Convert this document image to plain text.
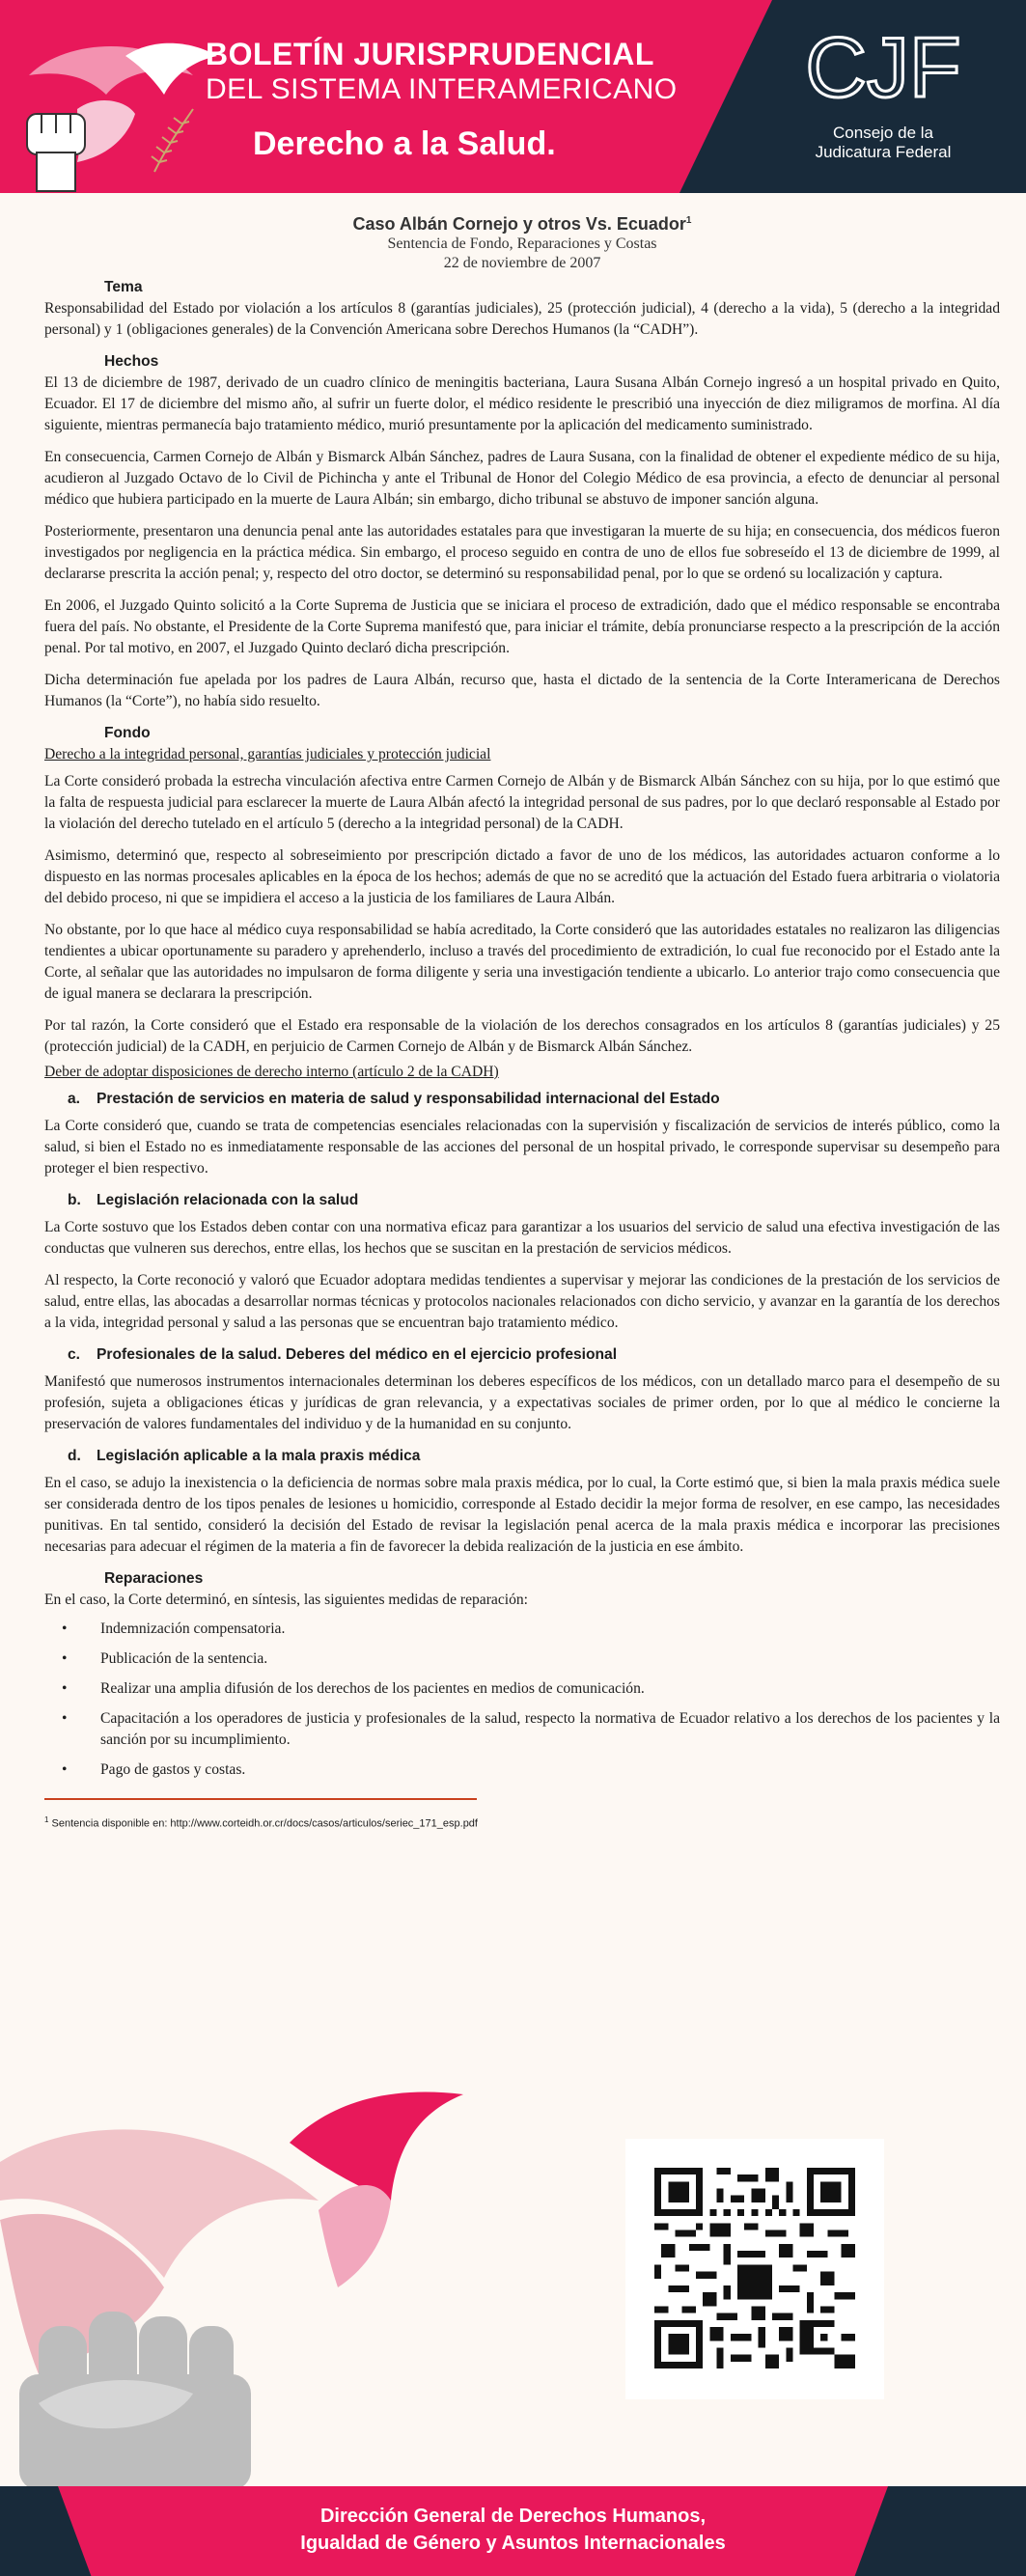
BOLETÍN JURISPRUDENCIAL
DEL SISTEMA INTERAMERICANO
Derecho a la Salud.
CJF
Consejo de la
Judicatura Federal
Caso Albán Cornejo y otros Vs. Ecuador$^1$
Sentencia de Fondo, Reparaciones y Costas
22 de noviembre de 2007
Tema

Responsabilidad del Estado por violación a los artículos 8 (garantías judiciales), 25 (protección judicial), 4 (derecho a la vida), 5 (derecho a la integridad personal) y 1 (obligaciones generales) de la Convención Americana sobre Derechos Humanos (la “CADH”).

Hechos

El 13 de diciembre de 1987, derivado de un cuadro clínico de meningitis bacteriana, Laura Susana Albán Cornejo ingresó a un hospital privado en Quito, Ecuador. El 17 de diciembre del mismo año, al sufrir un fuerte dolor, el médico residente le prescribió una inyección de diez miligramos de morfina. Al día siguiente, mientras permanecía bajo tratamiento médico, murió presuntamente por la aplicación del medicamento suministrado.

En consecuencia, Carmen Cornejo de Albán y Bismarck Albán Sánchez, padres de Laura Susana, con la finalidad de obtener el expediente médico de su hija, acudieron al Juzgado Octavo de lo Civil de Pichincha y ante el Tribunal de Honor del Colegio Médico de esa provincia, a efecto de denunciar al personal médico que hubiera participado en la muerte de Laura Albán; sin embargo, dicho tribunal se abstuvo de imponer sanción alguna.

Posteriormente, presentaron una denuncia penal ante las autoridades estatales para que investigaran la muerte de su hija; en consecuencia, dos médicos fueron investigados por negligencia en la práctica médica. Sin embargo, el proceso seguido en contra de uno de ellos fue sobreseído el 13 de diciembre de 1999, al declararse prescrita la acción penal; y, respecto del otro doctor, se determinó su responsabilidad penal, por lo que se ordenó su localización y captura.

En 2006, el Juzgado Quinto solicitó a la Corte Suprema de Justicia que se iniciara el proceso de extradición, dado que el médico responsable se encontraba fuera del país. No obstante, el Presidente de la Corte Suprema manifestó que, para iniciar el trámite, debía pronunciarse respecto a la prescripción de la acción penal. Por tal motivo, en 2007, el Juzgado Quinto declaró dicha prescripción.

Dicha determinación fue apelada por los padres de Laura Albán, recurso que, hasta el dictado de la sentencia de la Corte Interamericana de Derechos Humanos (la “Corte”), no había sido resuelto.

Fondo
Derecho a la integridad personal, garantías judiciales y protección judicial

La Corte consideró probada la estrecha vinculación afectiva entre Carmen Cornejo de Albán y de Bismarck Albán Sánchez con su hija, por lo que estimó que la falta de respuesta judicial para esclarecer la muerte de Laura Albán afectó la integridad personal de sus padres, por lo que declaró responsable al Estado por la violación del derecho tutelado en el artículo 5 (derecho a la integridad personal) de la CADH.

Asimismo, determinó que, respecto al sobreseimiento por prescripción dictado a favor de uno de los médicos, las autoridades actuaron conforme a lo dispuesto en las normas procesales aplicables en la época de los hechos; además de que no se acreditó que la actuación del Estado fuera arbitraria o violatoria del debido proceso, ni que se impidiera el acceso a la justicia de los familiares de Laura Albán.

No obstante, por lo que hace al médico cuya responsabilidad se había acreditado, la Corte consideró que las autoridades estatales no realizaron las diligencias tendientes a ubicar oportunamente su paradero y aprehenderlo, incluso a través del procedimiento de extradición, lo cual fue reconocido por el Estado ante la Corte, al señalar que las autoridades no impulsaron de forma diligente y seria una investigación tendiente a ubicarlo. Lo anterior trajo como consecuencia que de igual manera se declarara la prescripción.

Por tal razón, la Corte consideró que el Estado era responsable de la violación de los derechos consagrados en los artículos 8 (garantías judiciales) y 25 (protección judicial) de la CADH, en perjuicio de Carmen Cornejo de Albán y de Bismarck Albán Sánchez.

Deber de adoptar disposiciones de derecho interno (artículo 2 de la CADH)
a.	Prestación de servicios en materia de salud y responsabilidad internacional del Estado

La Corte consideró que, cuando se trata de competencias esenciales relacionadas con la supervisión y fiscalización de servicios de interés público, como la salud, si bien el Estado no es inmediatamente responsable de las acciones del personal de un hospital privado, le corresponde supervisar su desempeño para proteger el bien respectivo.

b.	Legislación relacionada con la salud

La Corte sostuvo que los Estados deben contar con una normativa eficaz para garantizar a los usuarios del servicio de salud una efectiva investigación de las conductas que vulneren sus derechos, entre ellas, los hechos que se suscitan en la prestación de servicios médicos.

Al respecto, la Corte reconoció y valoró que Ecuador adoptara medidas tendientes a supervisar y mejorar las condiciones de la prestación de los servicios de salud, entre ellas, las abocadas a desarrollar normas técnicas y protocolos nacionales relacionados con dicho servicio, y avanzar en la garantía de los derechos a la vida, integridad personal y salud a las personas que se encuentran bajo tratamiento médico.

c.	Profesionales de la salud. Deberes del médico en el ejercicio profesional

Manifestó que numerosos instrumentos internacionales determinan los deberes específicos de los médicos, con un detallado marco para el desempeño de su profesión, sujeta a obligaciones éticas y jurídicas de gran relevancia, y a expectativas sociales de primer orden, por lo que al médico le concierne la preservación de valores fundamentales del individuo y de la humanidad en su conjunto.

d.	Legislación aplicable a la mala praxis médica

En el caso, se adujo la inexistencia o la deficiencia de normas sobre mala praxis médica, por lo cual, la Corte estimó que, si bien la mala praxis médica suele ser considerada dentro de los tipos penales de lesiones u homicidio, corresponde al Estado decidir la mejor forma de resolver, en ese campo, las necesidades punitivas. En tal sentido, consideró la decisión del Estado de revisar la legislación penal acerca de la mala praxis médica e incorporar las precisiones necesarias para adecuar el régimen de la materia a fin de favorecer la debida realización de la justicia en ese ámbito.

Reparaciones

En el caso, la Corte determinó, en síntesis, las siguientes medidas de reparación:

•	Indemnización compensatoria.
•	Publicación de la sentencia.
•	Realizar una amplia difusión de los derechos de los pacientes en medios de comunicación.
•	Capacitación a los operadores de justicia y profesionales de la salud, respecto la normativa de Ecuador relativo a los derechos de los pacientes y la sanción por su incumplimiento.
•	Pago de gastos y costas.
$^1$ Sentencia disponible en: http://www.corteidh.or.cr/docs/casos/articulos/seriec_171_esp.pdf
Dirección General de Derechos Humanos,
Igualdad de Género y Asuntos Internacionales
